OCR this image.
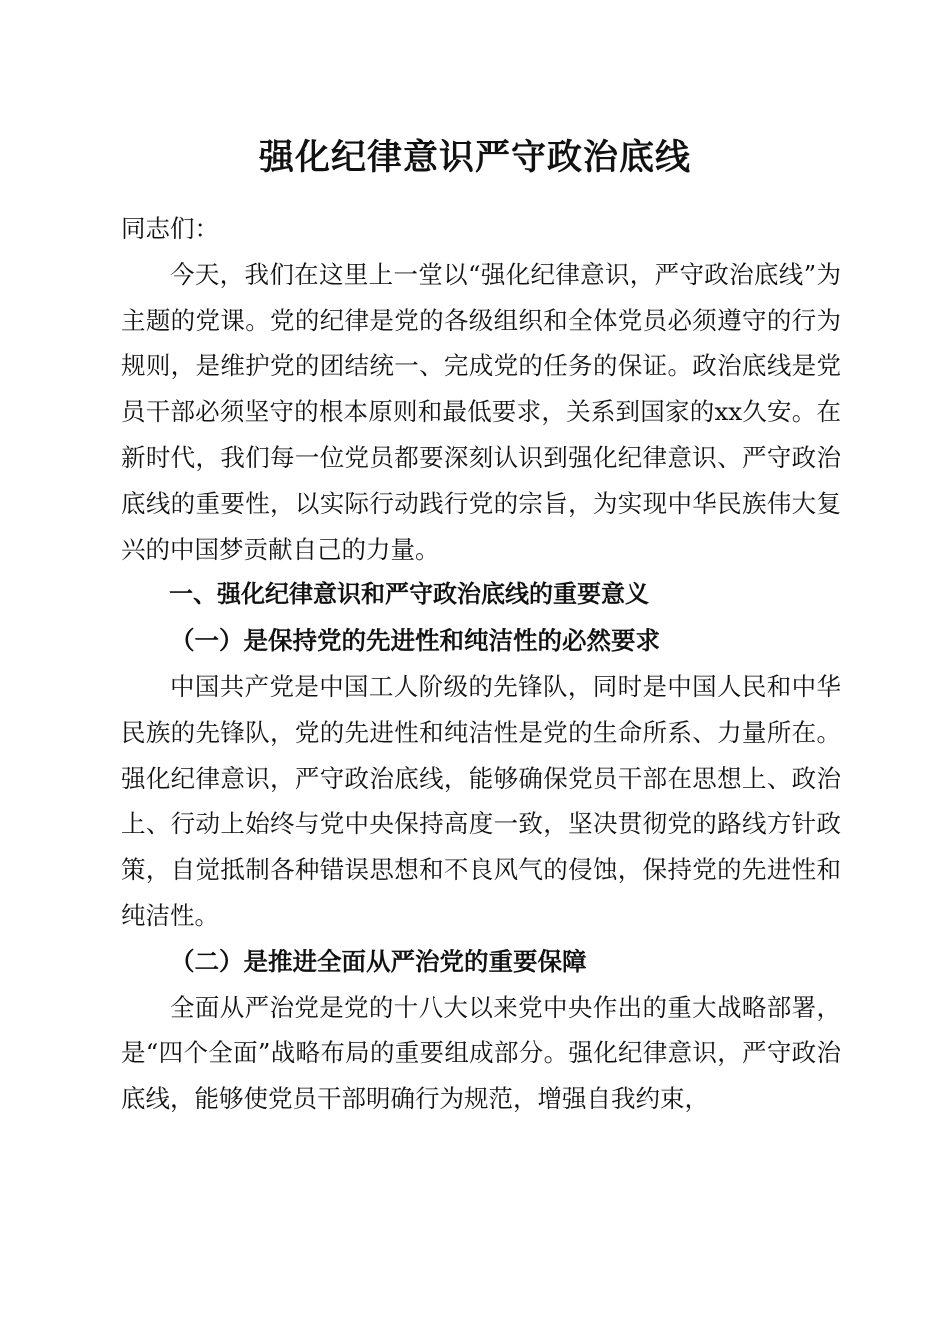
强化纪律意识严守政治底线

同志们：

今天，我们在这里上一堂以“强化纪律意识，严守政治底线”为主题的党课。党的纪律是党的各级组织和全体党员必须遵守的行为规则，是维护党的团结统一、完成党的任务的保证。政治底线是党员干部必须坚守的根本原则和最低要求，关系到国家的xx久安。在新时代，我们每一位党员都要深刻认识到强化纪律意识、严守政治底线的重要性，以实际行动践行党的宗旨，为实现中华民族伟大复兴的中国梦贡献自己的力量。

一、强化纪律意识和严守政治底线的重要意义

（一）是保持党的先进性和纯洁性的必然要求

中国共产党是中国工人阶级的先锋队，同时是中国人民和中华民族的先锋队，党的先进性和纯洁性是党的生命所系、力量所在。强化纪律意识，严守政治底线，能够确保党员干部在思想上、政治上、行动上始终与党中央保持高度一致，坚决贯彻党的路线方针政策，自觉抵制各种错误思想和不良风气的侵蚀，保持党的先进性和纯洁性。

（二）是推进全面从严治党的重要保障

全面从严治党是党的十八大以来党中央作出的重大战略部署，是“四个全面”战略布局的重要组成部分。强化纪律意识，严守政治底线，能够使党员干部明确行为规范，增强自我约束，
